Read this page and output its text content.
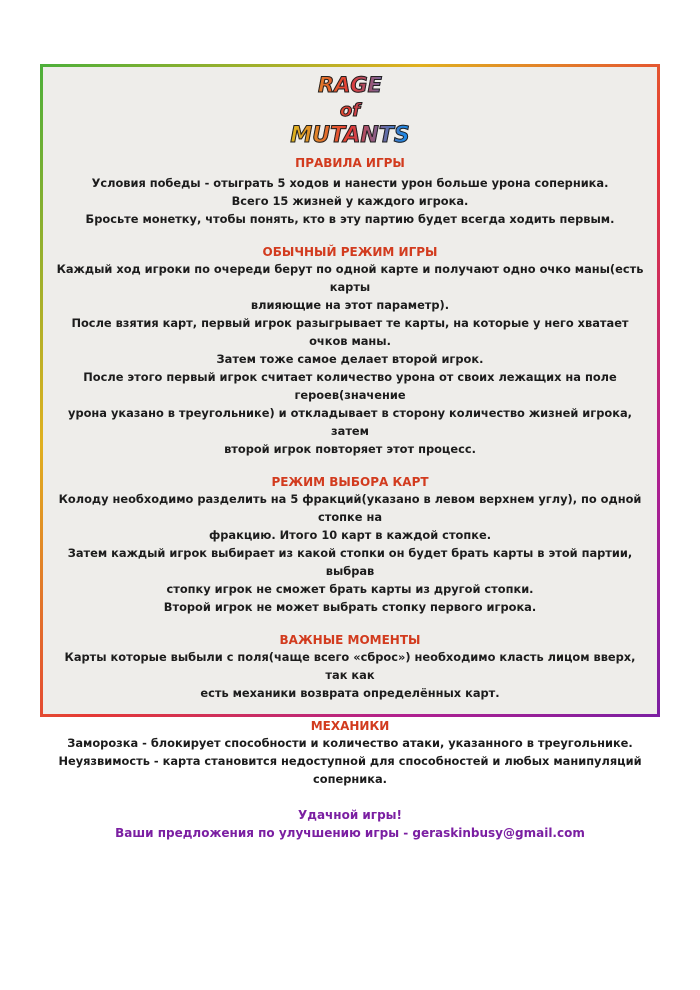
RAGE
of
MUTANTS

ПРАВИЛА ИГРЫ

Условия победы - отыграть 5 ходов и нанести урон больше урона соперника.

Всего 15 жизней у каждого игрока.

Бросьте монетку, чтобы понять, кто в эту партию будет всегда ходить первым.

ОБЫЧНЫЙ РЕЖИМ ИГРЫ

Каждый ход игроки по очереди берут по одной карте и получают одно очко маны(есть карты

влияющие на этот параметр).

После взятия карт, первый игрок разыгрывает те карты, на которые у него хватает очков маны.

Затем тоже самое делает второй игрок.

После этого первый игрок считает количество урона от своих лежащих на поле героев(значение

урона указано в треугольнике) и откладывает в сторону количество жизней игрока, затем

второй игрок повторяет этот процесс.

РЕЖИМ ВЫБОРА КАРТ

Колоду необходимо разделить на 5 фракций(указано в левом верхнем углу), по одной стопке на

фракцию. Итого 10 карт в каждой стопке.

Затем каждый игрок выбирает из какой стопки он будет брать карты в этой партии, выбрав

стопку игрок не сможет брать карты из другой стопки.

Второй игрок не может выбрать стопку первого игрока.

ВАЖНЫЕ МОМЕНТЫ

Карты которые выбыли с поля(чаще всего «сброс») необходимо класть лицом вверх, так как

есть механики возврата определённых карт.

МЕХАНИКИ

Заморозка - блокирует способности и количество атаки, указанного в треугольнике.

Неуязвимость - карта становится недоступной для способностей и любых манипуляций

соперника.

Удачной игры!

Ваши предложения по улучшению игры - geraskinbusy@gmail.com
